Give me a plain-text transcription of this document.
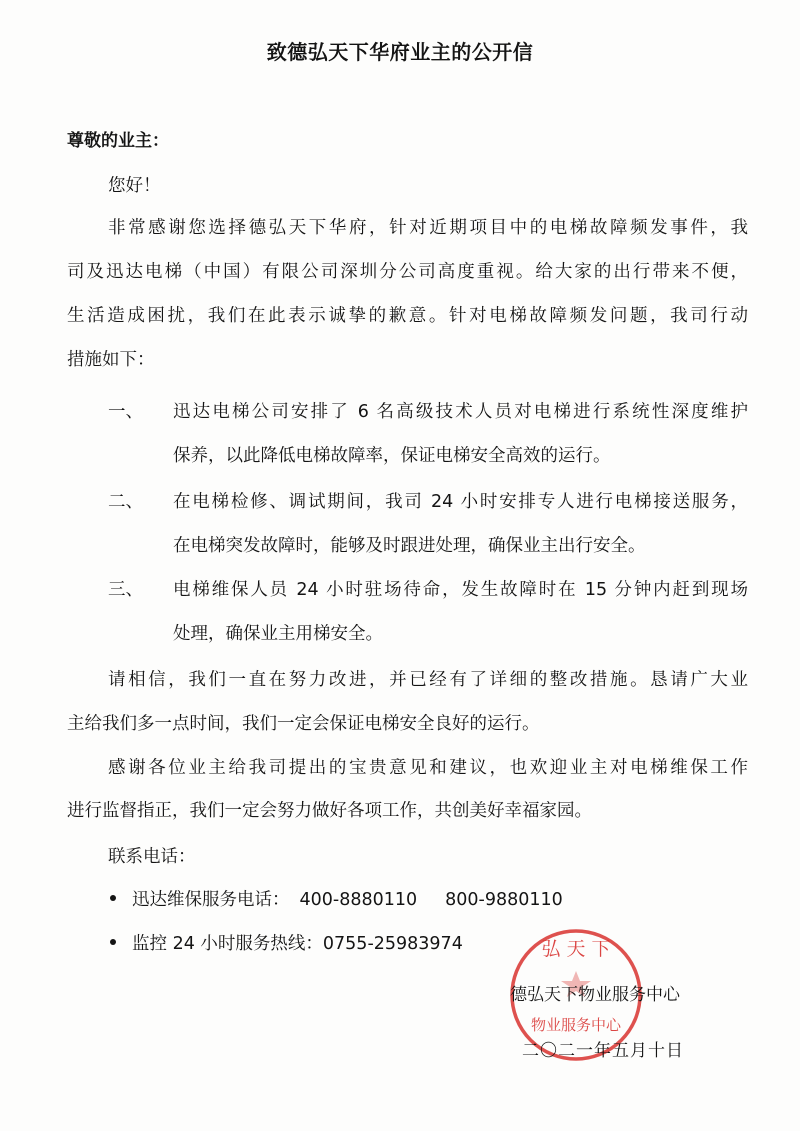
致德弘天下华府业主的公开信
尊敬的业主：
您好！
非常感谢您选择德弘天下华府，针对近期项目中的电梯故障频发事件，我
司及迅达电梯（中国）有限公司深圳分公司高度重视。给大家的出行带来不便，
生活造成困扰，我们在此表示诚挚的歉意。针对电梯故障频发问题，我司行动
措施如下：
一、 迅达电梯公司安排了 6 名高级技术人员对电梯进行系统性深度维护
保养，以此降低电梯故障率，保证电梯安全高效的运行。
二、 在电梯检修、调试期间，我司 24 小时安排专人进行电梯接送服务，
在电梯突发故障时，能够及时跟进处理，确保业主出行安全。
三、 电梯维保人员 24 小时驻场待命，发生故障时在 15 分钟内赶到现场
处理，确保业主用梯安全。
请相信，我们一直在努力改进，并已经有了详细的整改措施。恳请广大业
主给我们多一点时间，我们一定会保证电梯安全良好的运行。
感谢各位业主给我司提出的宝贵意见和建议，也欢迎业主对电梯维保工作
进行监督指正，我们一定会努力做好各项工作，共创美好幸福家园。
联系电话：
迅达维保服务电话： 400-8880110 800-9880110
监控 24 小时服务热线：0755-25983974	弘 天 下
物业服务中心
德弘天下物业服务中心
二〇二一年五月十日
